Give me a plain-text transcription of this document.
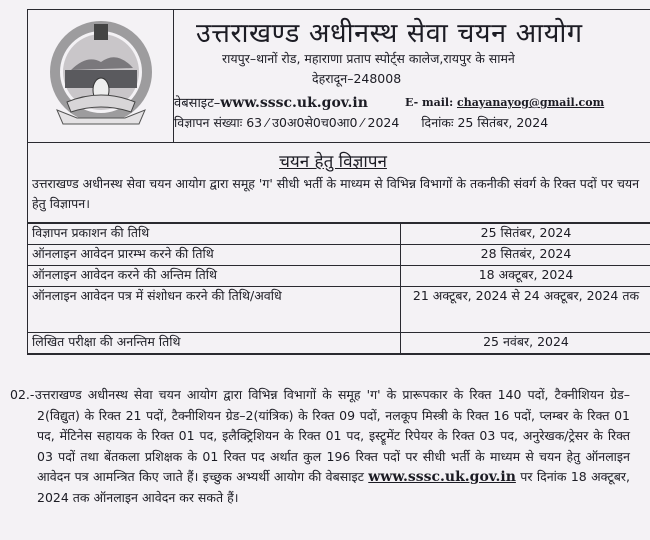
उत्तराखण्ड अधीनस्थ सेवा चयन आयोग
रायपुर–थानों रोड, महाराणा प्रताप स्पोर्ट्स कालेज,रायपुर के सामने
देहरादून–248008
वेबसाइट–www.sssc.uk.gov.in	E- mail: chayanayog@gmail.com
विज्ञापन संख्याः 63 ⁄ उ0अ0से0च0आ0 ⁄ 2024 दिनांकः 25 सितंबर, 2024
चयन हेतु विज्ञापन
उत्तराखण्ड अधीनस्थ सेवा चयन आयोग द्वारा समूह 'ग' सीधी भर्ती के माध्यम से विभिन्न विभागों के तकनीकी संवर्ग के रिक्त पदों पर चयन हेतु विज्ञापन।
विज्ञापन प्रकाशन की तिथि	25 सितंबर, 2024
ऑनलाइन आवेदन प्रारम्भ करने की तिथि	28 सितबंर, 2024
ऑनलाइन आवेदन करने की अन्तिम तिथि	18 अक्टूबर, 2024
ऑनलाइन आवेदन पत्र में संशोधन करने की तिथि/अवधि	21 अक्टूबर, 2024 से 24 अक्टूबर, 2024 तक
लिखित परीक्षा की अनन्तिम तिथि	25 नवंबर, 2024
02.- उत्तराखण्ड अधीनस्थ सेवा चयन आयोग द्वारा विभिन्न विभागों के समूह 'ग' के प्रारूपकार के रिक्त 140 पदों, टैक्नीशियन ग्रेड–2(विद्युत) के रिक्त 21 पदों, टैक्नीशियन ग्रेड–2(यांत्रिक) के रिक्त 09 पदों, नलकूप मिस्त्री के रिक्त 16 पदों, प्लम्बर के रिक्त 01 पद, मेंटिनेस सहायक के रिक्त 01 पद, इलैक्ट्रिशियन के रिक्त 01 पद, इस्ट्रूमेंट रिपेयर के रिक्त 03 पद, अनुरेखक/ट्रेसर के रिक्त 03 पदों तथा बेंतकला प्रशिक्षक के 01 रिक्त पद अर्थात कुल 196 रिक्त पदों पर सीधी भर्ती के माध्यम से चयन हेतु ऑनलाइन आवेदन पत्र आमन्त्रित किए जाते हैं। इच्छुक अभ्यर्थी आयोग की वेबसाइट www.sssc.uk.gov.in पर दिनांक 18 अक्टूबर, 2024 तक ऑनलाइन आवेदन कर सकते हैं।
